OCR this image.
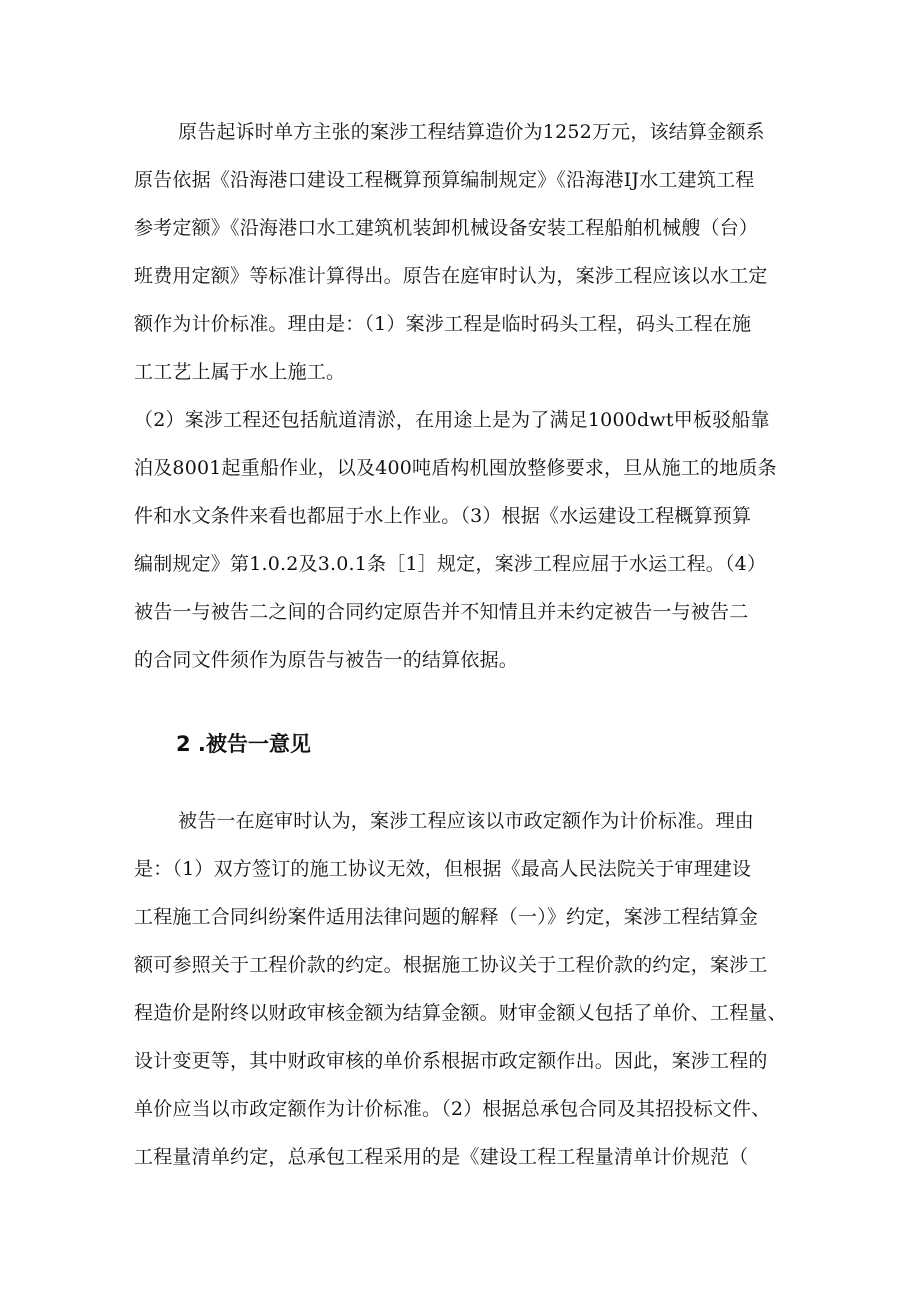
原告起诉时单方主张的案涉工程结算造价为1252万元，该结算金额系
原告依据《沿海港口建设工程概算预算编制规定》《沿海港IJ水工建筑工程
参考定额》《沿海港口水工建筑机装卸机械设备安装工程船舶机械艘（台）
班费用定额》等标准计算得出。原告在庭审时认为，案涉工程应该以水工定
额作为计价标准。理由是：（1）案涉工程是临时码头工程，码头工程在施
工工艺上属于水上施工。
（2）案涉工程还包括航道清淤，在用途上是为了满足1000dwt甲板驳船靠
泊及8001起重船作业，以及400吨盾构机囤放整修要求，旦从施工的地质条
件和水文条件来看也都屈于水上作业。（3）根据《水运建设工程概算预算
编制规定》第1.0.2及3.0.1条［1］规定，案涉工程应屈于水运工程。（4）
被告一与被告二之间的合同约定原告并不知情且并未约定被告一与被告二
的合同文件须作为原告与被告一的结算依据。
2 .被告一意见
被告一在庭审时认为，案涉工程应该以市政定额作为计价标准。理由
是：（1）双方签订的施工协议无效，但根据《最高人民法院关于审理建设
工程施工合同纠纷案件适用法律问题的解释（一）》约定，案涉工程结算金
额可参照关于工程价款的约定。根据施工协议关于工程价款的约定，案涉工
程造价是附终以财政审核金额为结算金额。财审金额乂包括了单价、工程量、
设计变更等，其中财政审核的单价系根据市政定额作出。因此，案涉工程的
单价应当以市政定额作为计价标准。（2）根据总承包合同及其招投标文件、
工程量清单约定，总承包工程采用的是《建设工程工程量清单计价规范（
